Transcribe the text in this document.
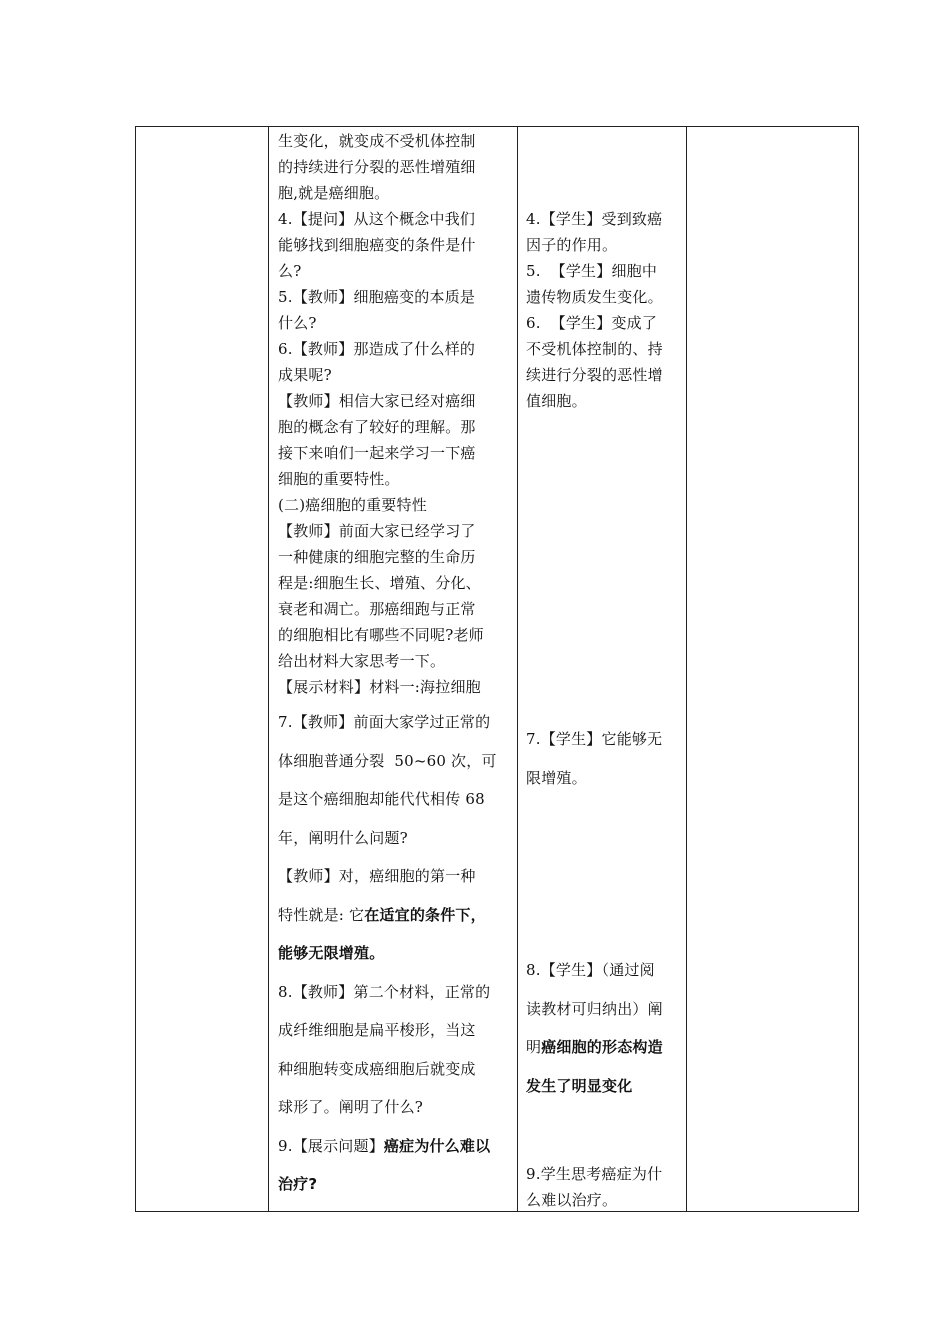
生变化，就变成不受机体控制
的持续进行分裂的恶性增殖细
胞,就是癌细胞。
4.【提问】从这个概念中我们
能够找到细胞癌变的条件是什
么?
5.【教师】细胞癌变的本质是
什么?
6.【教师】那造成了什么样的
成果呢?
【教师】相信大家已经对癌细
胞的概念有了较好的理解。那
接下来咱们一起来学习一下癌
细胞的重要特性。
(二)癌细胞的重要特性
【教师】前面大家已经学习了
一种健康的细胞完整的生命历
程是:细胞生长、增殖、分化、
衰老和凋亡。那癌细跑与正常
的细胞相比有哪些不同呢?老师
给出材料大家思考一下。
【展示材料】材料一:海拉细胞
7.【教师】前面大家学过正常的
体细胞普通分裂  50~60 次，可
是这个癌细胞却能代代相传 68
年，阐明什么问题?
【教师】对，癌细胞的第一种
特性就是: 它在适宜的条件下，
能够无限增殖。
8.【教师】第二个材料，正常的
成纤维细胞是扁平梭形，当这
种细胞转变成癌细胞后就变成
球形了。阐明了什么?
9.【展示问题】癌症为什么难以
治疗?
4.【学生】受到致癌
因子的作用。
5.  【学生】细胞中
遗传物质发生变化。
6.  【学生】变成了
不受机体控制的、持
续进行分裂的恶性增
值细胞。
7.【学生】它能够无
限增殖。
8.【学生】（通过阅
读教材可归纳出）阐
明癌细胞的形态构造
发生了明显变化
9.学生思考癌症为什
么难以治疗。
